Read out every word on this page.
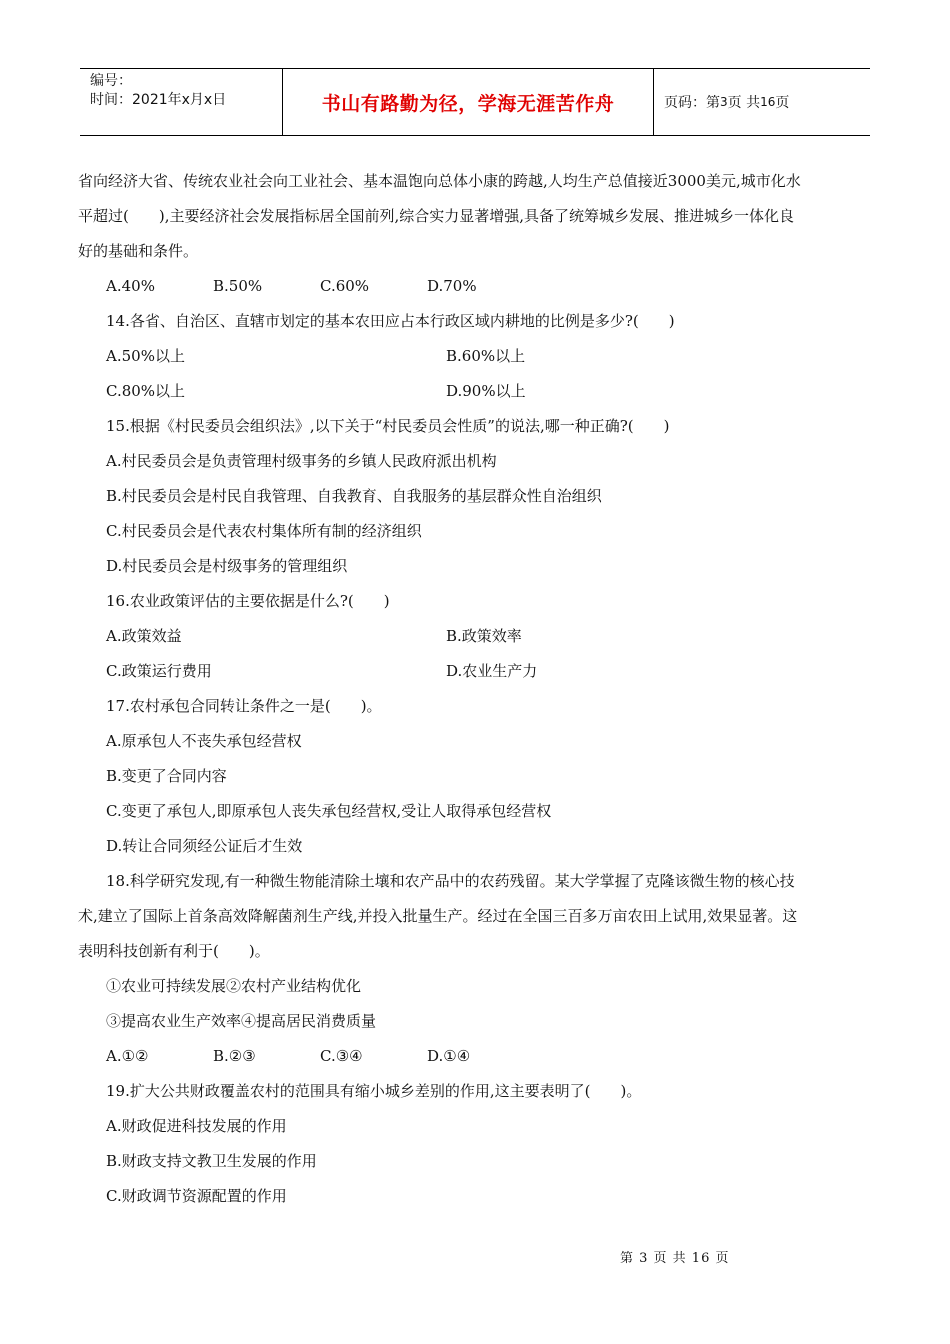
编号：
时间：2021年x月x日	书山有路勤为径，学海无涯苦作舟	页码：第 3 页 共 16 页

省向经济大省、传统农业社会向工业社会、基本温饱向总体小康的跨越,人均生产总值接近3000美元,城市化水

平超过(　　),主要经济社会发展指标居全国前列,综合实力显著增强,具备了统筹城乡发展、推进城乡一体化良

好的基础和条件。

A.40%	B.50%	C.60%	D.70%

14.各省、自治区、直辖市划定的基本农田应占本行政区域内耕地的比例是多少?(　　)

A.50%以上	B.60%以上
C.80%以上	D.90%以上

15.根据《村民委员会组织法》,以下关于“村民委员会性质”的说法,哪一种正确?(　　)

A.村民委员会是负责管理村级事务的乡镇人民政府派出机构

B.村民委员会是村民自我管理、自我教育、自我服务的基层群众性自治组织

C.村民委员会是代表农村集体所有制的经济组织

D.村民委员会是村级事务的管理组织

16.农业政策评估的主要依据是什么?(　　)

A.政策效益	B.政策效率
C.政策运行费用	D.农业生产力

17.农村承包合同转让条件之一是(　　)。

A.原承包人不丧失承包经营权

B.变更了合同内容

C.变更了承包人,即原承包人丧失承包经营权,受让人取得承包经营权

D.转让合同须经公证后才生效

18.科学研究发现,有一种微生物能清除土壤和农产品中的农药残留。某大学掌握了克隆该微生物的核心技

术,建立了国际上首条高效降解菌剂生产线,并投入批量生产。经过在全国三百多万亩农田上试用,效果显著。这

表明科技创新有利于(　　)。

①农业可持续发展②农村产业结构优化

③提高农业生产效率④提高居民消费质量

A.①②	B.②③	C.③④	D.①④

19.扩大公共财政覆盖农村的范围具有缩小城乡差别的作用,这主要表明了(　　)。

A.财政促进科技发展的作用

B.财政支持文教卫生发展的作用

C.财政调节资源配置的作用

第 3 页 共 16 页
